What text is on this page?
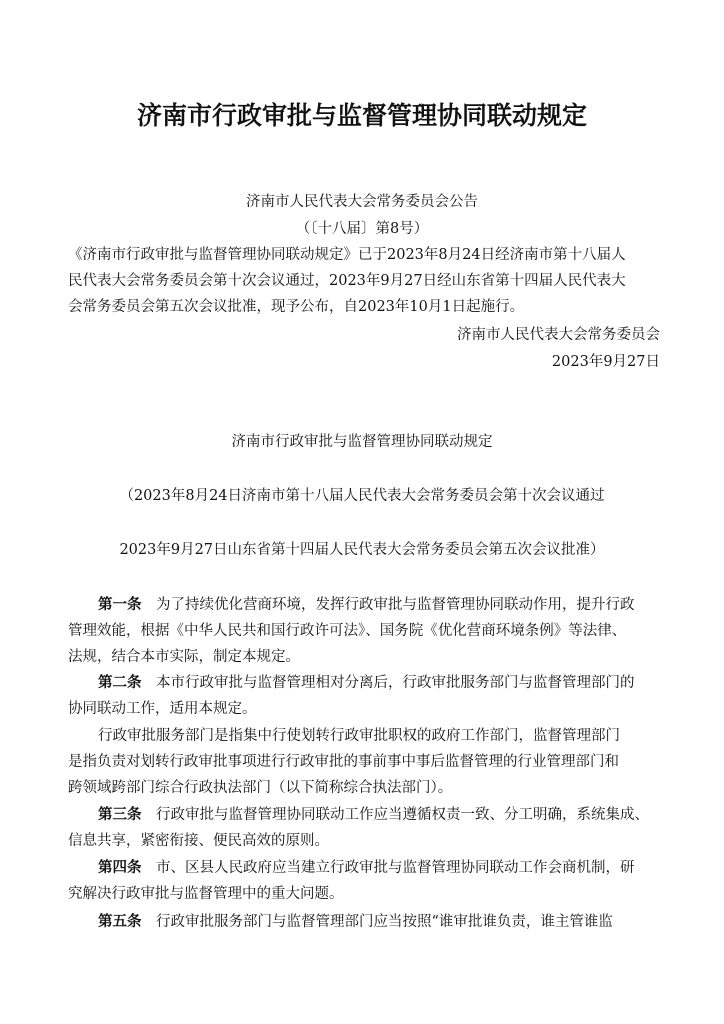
济南市行政审批与监督管理协同联动规定
济南市人民代表大会常务委员会公告
（〔十八届〕第8号）
《济南市行政审批与监督管理协同联动规定》已于2023年8月24日经济南市第十八届人
民代表大会常务委员会第十次会议通过，2023年9月27日经山东省第十四届人民代表大
会常务委员会第五次会议批准，现予公布，自2023年10月1日起施行。
济南市人民代表大会常务委员会
2023年9月27日
济南市行政审批与监督管理协同联动规定
（2023年8月24日济南市第十八届人民代表大会常务委员会第十次会议通过
2023年9月27日山东省第十四届人民代表大会常务委员会第五次会议批准）
第一条  为了持续优化营商环境，发挥行政审批与监督管理协同联动作用，提升行政
管理效能，根据《中华人民共和国行政许可法》、国务院《优化营商环境条例》等法律、
法规，结合本市实际，制定本规定。
第二条  本市行政审批与监督管理相对分离后，行政审批服务部门与监督管理部门的
协同联动工作，适用本规定。
行政审批服务部门是指集中行使划转行政审批职权的政府工作部门，监督管理部门
是指负责对划转行政审批事项进行行政审批的事前事中事后监督管理的行业管理部门和
跨领域跨部门综合行政执法部门（以下简称综合执法部门）。
第三条  行政审批与监督管理协同联动工作应当遵循权责一致、分工明确，系统集成、
信息共享，紧密衔接、便民高效的原则。
第四条  市、区县人民政府应当建立行政审批与监督管理协同联动工作会商机制，研
究解决行政审批与监督管理中的重大问题。
第五条  行政审批服务部门与监督管理部门应当按照“谁审批谁负责，谁主管谁监
